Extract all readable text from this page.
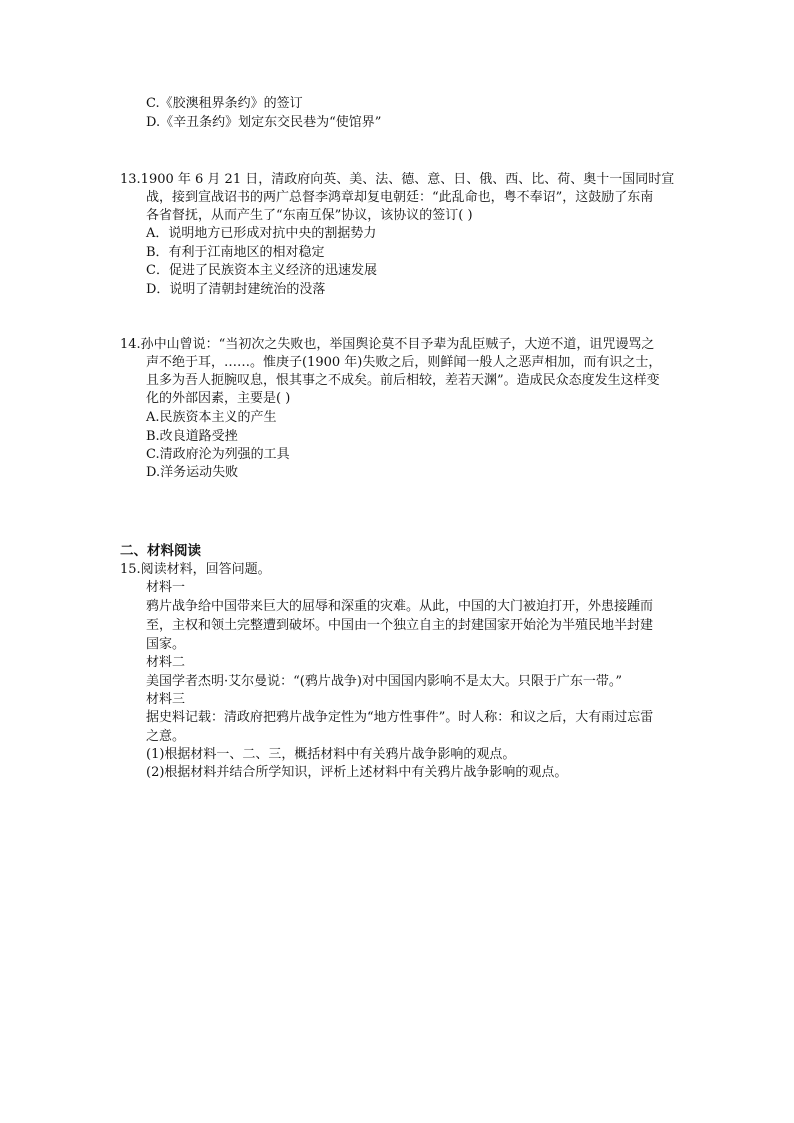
C.《胶澳租界条约》的签订
D.《辛丑条约》划定东交民巷为“使馆界”
13.1900 年 6 月 21 日，清政府向英、美、法、德、意、日、俄、西、比、荷、奥十一国同时宣
战，接到宣战诏书的两广总督李鸿章却复电朝廷：“此乱命也，粤不奉诏”，这鼓励了东南
各省督抚，从而产生了“东南互保”协议，该协议的签订( )
A．说明地方已形成对抗中央的割据势力
B．有利于江南地区的相对稳定
C．促进了民族资本主义经济的迅速发展
D．说明了清朝封建统治的没落
14.孙中山曾说：“当初次之失败也，举国舆论莫不目予辈为乱臣贼子，大逆不道，诅咒谩骂之
声不绝于耳，……。惟庚子(1900 年)失败之后，则鲜闻一般人之恶声相加，而有识之士，
且多为吾人扼腕叹息，恨其事之不成矣。前后相较，差若天渊”。造成民众态度发生这样变
化的外部因素，主要是( )
A.民族资本主义的产生
B.改良道路受挫
C.清政府沦为列强的工具
D.洋务运动失败
二、材料阅读
15.阅读材料，回答问题。
材料一
鸦片战争给中国带来巨大的屈辱和深重的灾难。从此，中国的大门被迫打开，外患接踵而
至，主权和领土完整遭到破坏。中国由一个独立自主的封建国家开始沦为半殖民地半封建
国家。
材料二
美国学者杰明·艾尔曼说：“(鸦片战争)对中国国内影响不是太大。只限于广东一带。”
材料三
据史料记载：清政府把鸦片战争定性为“地方性事件”。时人称：和议之后，大有雨过忘雷
之意。
(1)根据材料一、二、三，概括材料中有关鸦片战争影响的观点。
(2)根据材料并结合所学知识，评析上述材料中有关鸦片战争影响的观点。
